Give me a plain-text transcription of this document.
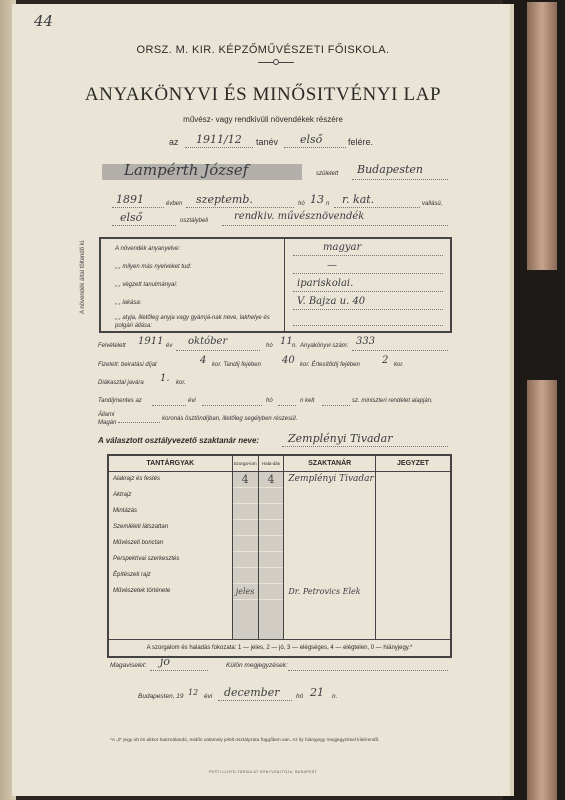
44
ORSZ. M. KIR. KÉPZŐMŰVÉSZETI FŐISKOLA.
ANYAKÖNYVI ÉS MINŐSITVÉNYI LAP
művész- vagy rendkivüli növendékek részére
az 1911/12 tanév első	felére.
Lampérth József	született Budapesten
A növendék által töltendő ki.
1891	évben szeptemb.	hó 13 n r. kat.	vallású,
első	osztálybeli	rendkiv. művésznövendék
A növendék anyanyelve:	magyar
„ „ milyen más nyelveket tud:	—
„ „ végzett tanulmányai:	ipariskolai.
„ „ lakása:	V. Bajza u. 40
„ „ atyja, illetőleg anyja vagy gyámjá-nak neve, lakhelye és polgári állása:
Felvételett 1911 év október	hó 11 n. Anyakönyvi szám: 333
Fizetett: beiratási díjat	4 kor. Tandíj fejében 40 kor. Értesítődíj fejében 2 kor.
Diákasztal javára 1. kor.
Tandíjmentes az	évi	hó	n kelt	sz. miniszteri rendelet alapján.
Állami
Magán
koronás ösztöndíjban, illetőleg segélyben részesül.
A választott osztályvezető szaktanár neve:	Zemplényi Tivadar
TANTÁRGYAK	Szorga-lom	Hala-dás	SZAKTANÁR	JEGYZET
Alakrajz és festés	4	4	Zemplényi Tivadar	
Aktrajz				
Mintázás				
Szemléleti látszattan				
Művészeti bonctan				
Perspektívai szerkesztés				
Építészeti rajz				
Művészetek története	jeles		Dr. Petrovics Elek	

A szorgalom és haladás fokozata: 1 — jeles, 2 — jó, 3 — elégséges, 4 — elégtelen, 0 — hiányjegy.*				
Magaviselet: jó	Külön megjegyzések:
Budapesten, 19 12 évi december	hó 21 n.
*A „0” jegy ott és akkor használandó, midőn valamely jelölt osztályzata függőben van. Az ily hiányjegy megjegyzésel kísérendő.
PESTI LLOYD-TÁRSULAT KÖNYVSAJTÓJA, BUDAPEST
